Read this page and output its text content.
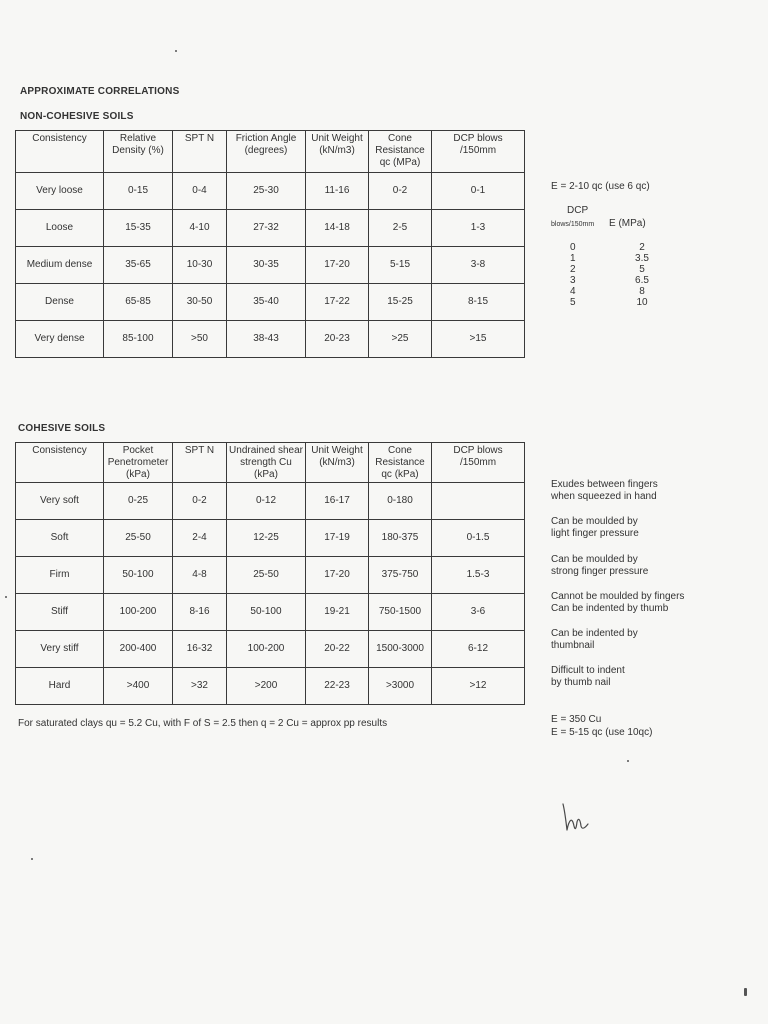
APPROXIMATE CORRELATIONS
NON-COHESIVE SOILS
Consistency	Relative Density (%)	SPT N	Friction Angle (degrees)	Unit Weight (kN/m3)	Cone Resistance qc (MPa)	DCP blows /150mm
Very loose	0-15	0-4	25-30	11-16	0-2	0-1
Loose	15-35	4-10	27-32	14-18	2-5	1-3
Medium dense	35-65	10-30	30-35	17-20	5-15	3-8
Dense	65-85	30-50	35-40	17-22	15-25	8-15
Very dense	85-100	>50	38-43	20-23	>25	>15
E = 2-10 qc (use 6 qc)
DCP
blows/150mm	E (MPa)
0	2
1	3.5
2	5
3	6.5
4	8
5	10
COHESIVE SOILS
Consistency	Pocket Penetrometer (kPa)	SPT N	Undrained shear strength Cu (kPa)	Unit Weight (kN/m3)	Cone Resistance qc (kPa)	DCP blows /150mm
Very soft	0-25	0-2	0-12	16-17	0-180	
Soft	25-50	2-4	12-25	17-19	180-375	0-1.5
Firm	50-100	4-8	25-50	17-20	375-750	1.5-3
Stiff	100-200	8-16	50-100	19-21	750-1500	3-6
Very stiff	200-400	16-32	100-200	20-22	1500-3000	6-12
Hard	>400	>32	>200	22-23	>3000	>12
Exudes between fingers
when squeezed in hand
Can be moulded by
light finger pressure
Can be moulded by
strong finger pressure
Cannot be moulded by fingers
Can be indented by thumb
Can be indented by
thumbnail
Difficult to indent
by thumb nail
For saturated clays qu = 5.2 Cu, with F of S = 2.5 then q = 2 Cu = approx pp results	E = 350 Cu
E = 5-15 qc (use 10qc)
